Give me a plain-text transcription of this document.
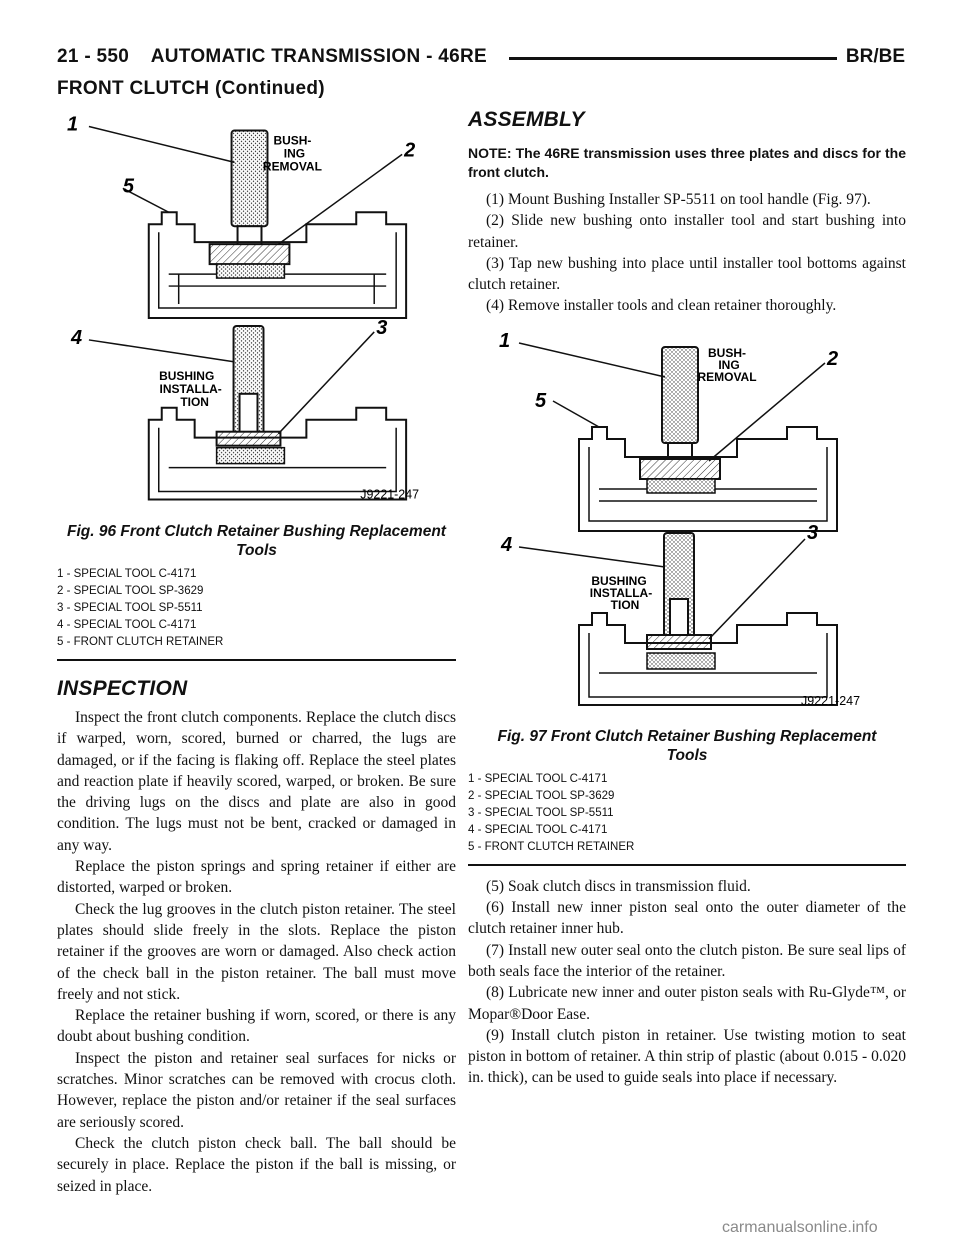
21 - 550    AUTOMATIC TRANSMISSION - 46RE	BR/BE
FRONT CLUTCH (Continued)
1
2
3
4
5
BUSH-
ING
REMOVAL
BUSHING
INSTALLA-
TION
J9221-247
Fig. 96 Front Clutch Retainer Bushing Replacement
Tools
1 - SPECIAL TOOL C-4171
2 - SPECIAL TOOL SP-3629
3 - SPECIAL TOOL SP-5511
4 - SPECIAL TOOL C-4171
5 - FRONT CLUTCH RETAINER
INSPECTION

Inspect the front clutch components. Replace the clutch discs if warped, worn, scored, burned or charred, the lugs are damaged, or if the facing is flaking off. Replace the steel plates and reaction plate if heavily scored, warped, or broken. Be sure the driving lugs on the discs and plate are also in good condition. The lugs must not be bent, cracked or damaged in any way.

Replace the piston springs and spring retainer if either are distorted, warped or broken.

Check the lug grooves in the clutch piston retainer. The steel plates should slide freely in the slots. Replace the piston retainer if the grooves are worn or damaged. Also check action of the check ball in the piston retainer. The ball must move freely and not stick.

Replace the retainer bushing if worn, scored, or there is any doubt about bushing condition.

Inspect the piston and retainer seal surfaces for nicks or scratches. Minor scratches can be removed with crocus cloth. However, replace the piston and/or retainer if the seal surfaces are seriously scored.

Check the clutch piston check ball. The ball should be securely in place. Replace the piston if the ball is missing, or seized in place.

ASSEMBLY
NOTE: The 46RE transmission uses three plates and discs for the front clutch.

(1) Mount Bushing Installer SP-5511 on tool handle (Fig. 97).

(2) Slide new bushing onto installer tool and start bushing into retainer.

(3) Tap new bushing into place until installer tool bottoms against clutch retainer.

(4) Remove installer tools and clean retainer thoroughly.

1
2
3
4
5
BUSH-
ING
REMOVAL
BUSHING
INSTALLA-
TION
J9221-247
Fig. 97 Front Clutch Retainer Bushing Replacement
Tools
1 - SPECIAL TOOL C-4171
2 - SPECIAL TOOL SP-3629
3 - SPECIAL TOOL SP-5511
4 - SPECIAL TOOL C-4171
5 - FRONT CLUTCH RETAINER

(5) Soak clutch discs in transmission fluid.

(6) Install new inner piston seal onto the outer diameter of the clutch retainer inner hub.

(7) Install new outer seal onto the clutch piston. Be sure seal lips of both seals face the interior of the retainer.

(8) Lubricate new inner and outer piston seals with Ru-Glyde™, or Mopar®Door Ease.

(9) Install clutch piston in retainer. Use twisting motion to seat piston in bottom of retainer. A thin strip of plastic (about 0.015 - 0.020 in. thick), can be used to guide seals into place if necessary.

carmanualsonline.info
